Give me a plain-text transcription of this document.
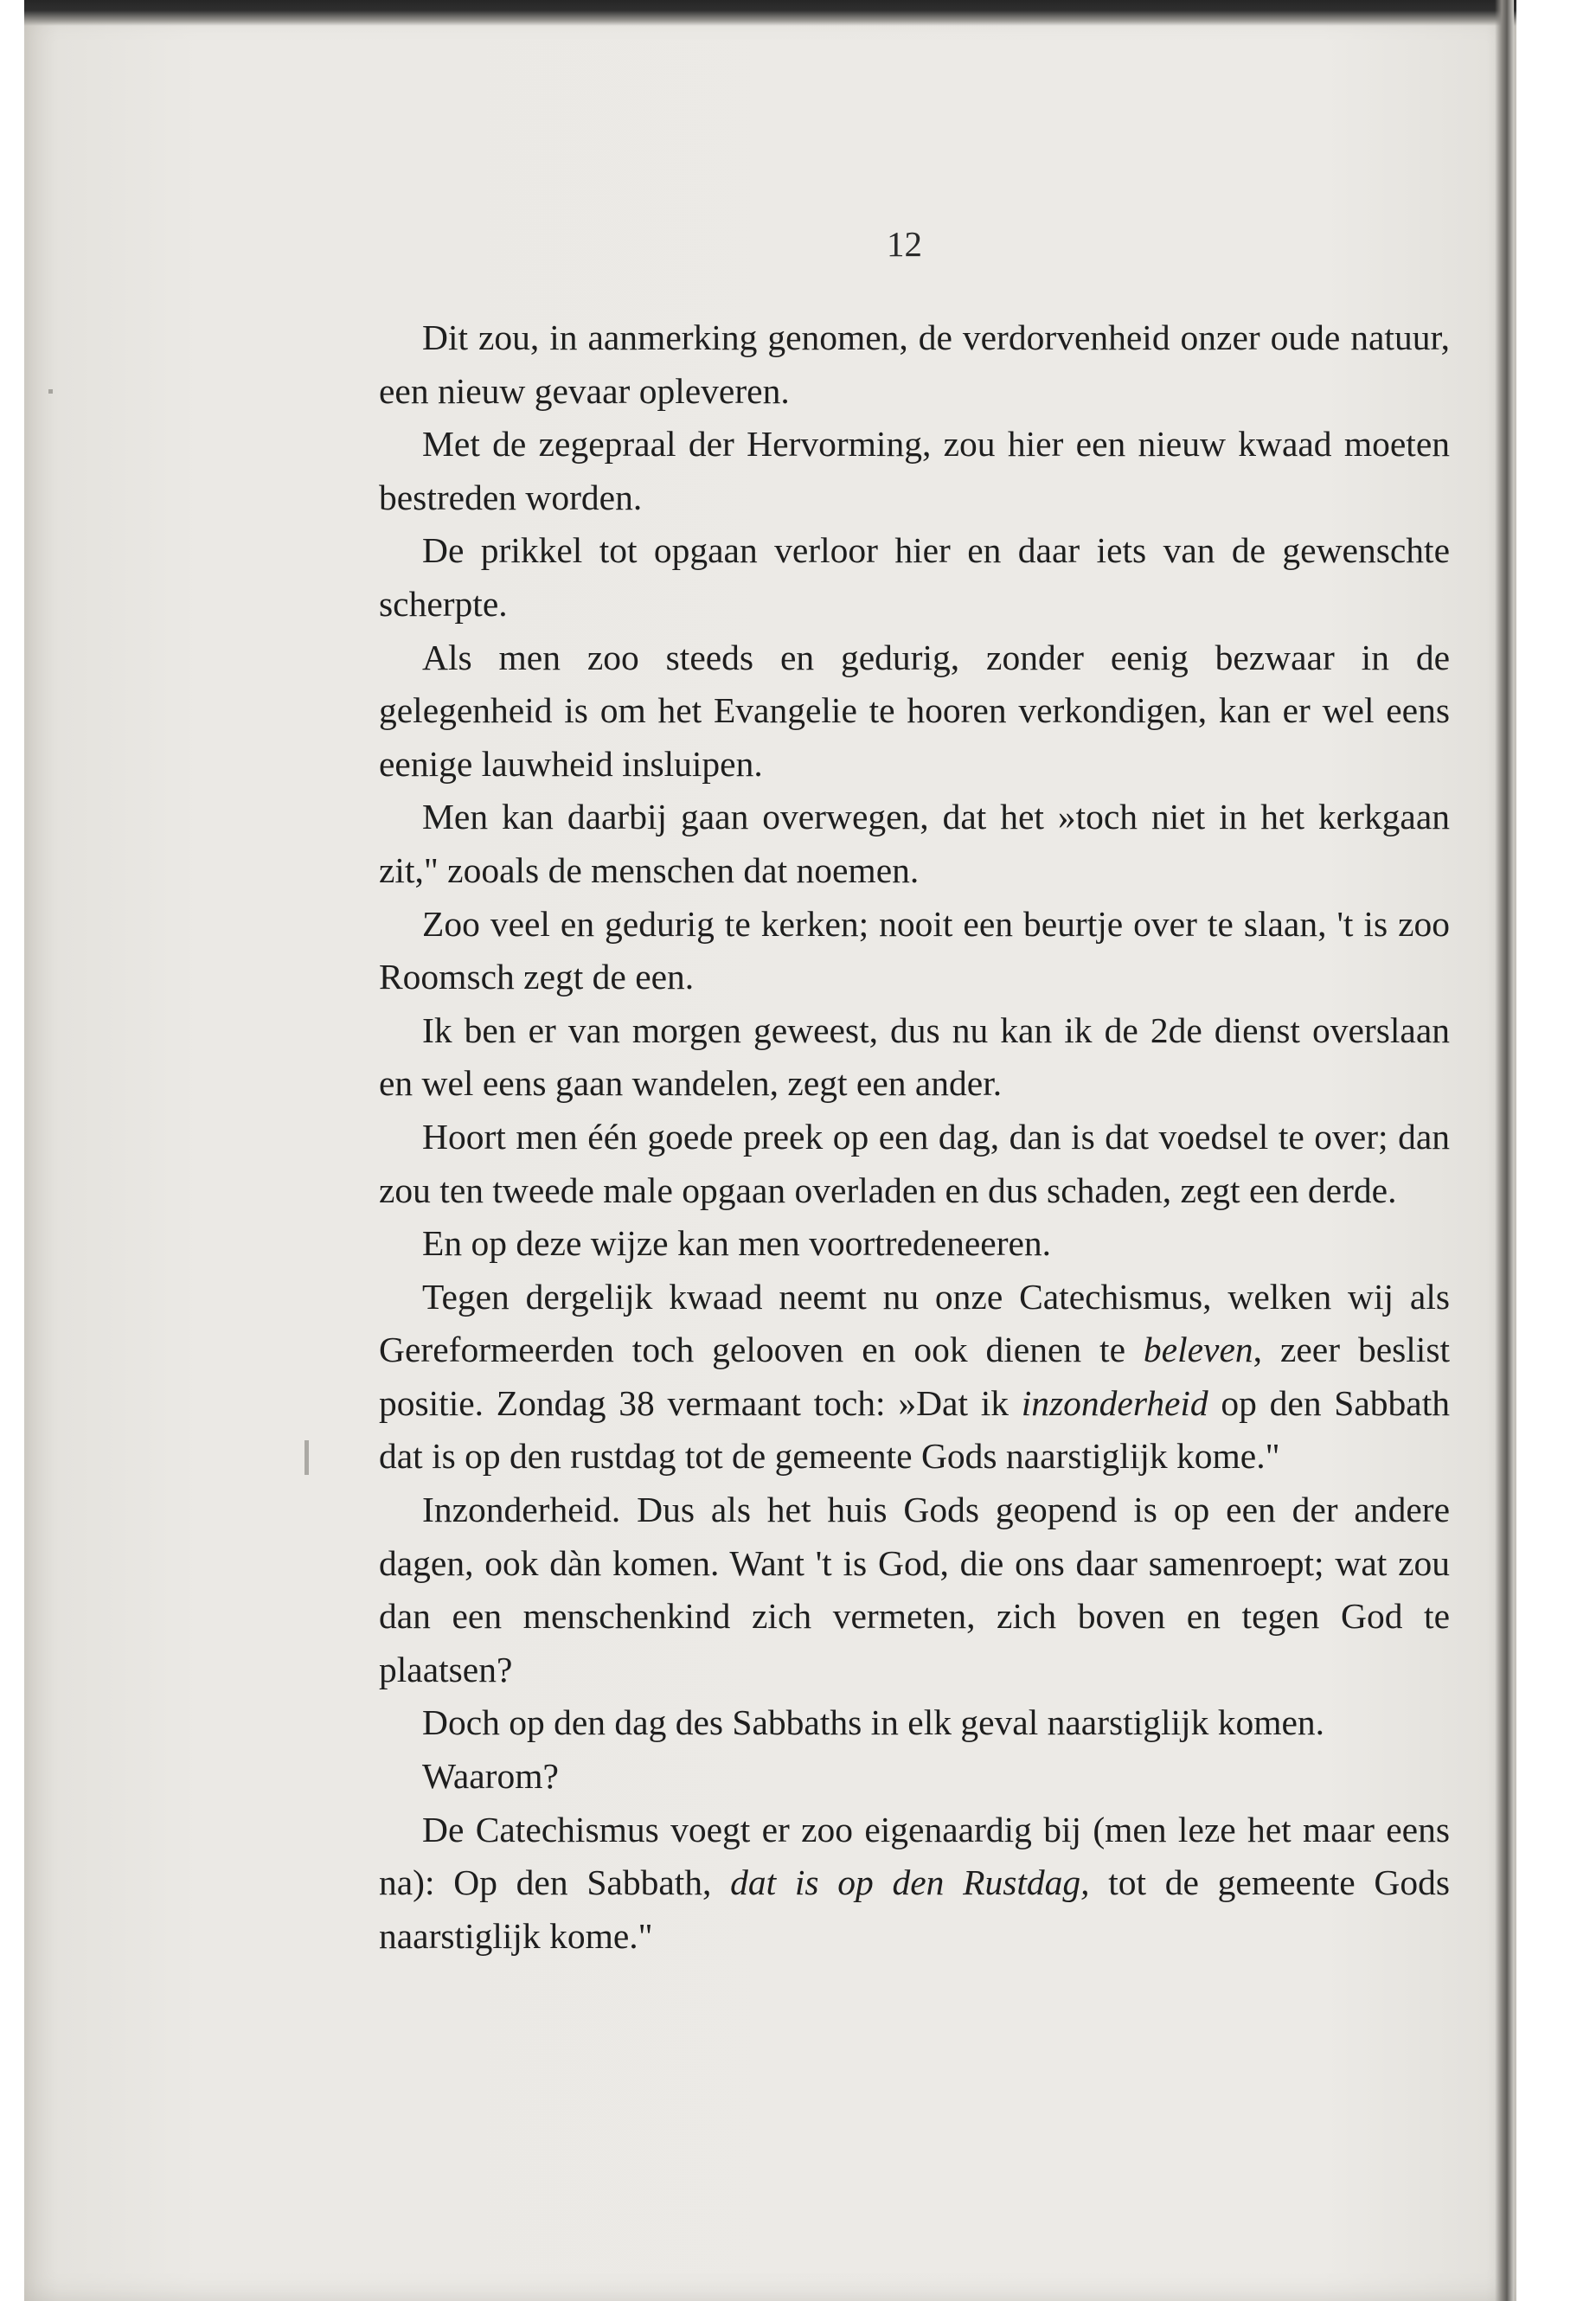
12

Dit zou, in aanmerking genomen, de verdorvenheid onzer oude natuur, een nieuw gevaar opleveren.

Met de zegepraal der Hervorming, zou hier een nieuw kwaad moeten bestreden worden.

De prikkel tot opgaan verloor hier en daar iets van de gewenschte scherpte.

Als men zoo steeds en gedurig, zonder eenig bezwaar in de gelegenheid is om het Evangelie te hooren verkondigen, kan er wel eens eenige lauwheid insluipen.

Men kan daarbij gaan overwegen, dat het »toch niet in het kerkgaan zit," zooals de menschen dat noemen.

Zoo veel en gedurig te kerken; nooit een beurtje over te slaan, 't is zoo Roomsch zegt de een.

Ik ben er van morgen geweest, dus nu kan ik de 2de dienst overslaan en wel eens gaan wandelen, zegt een ander.

Hoort men één goede preek op een dag, dan is dat voedsel te over; dan zou ten tweede male opgaan overladen en dus schaden, zegt een derde.

En op deze wijze kan men voortredeneeren.

Tegen dergelijk kwaad neemt nu onze Catechismus, welken wij als Gereformeerden toch gelooven en ook dienen te beleven, zeer beslist positie. Zondag 38 vermaant toch: »Dat ik inzonderheid op den Sabbath dat is op den rustdag tot de gemeente Gods naarstiglijk kome."

Inzonderheid. Dus als het huis Gods geopend is op een der andere dagen, ook dàn komen. Want 't is God, die ons daar samenroept; wat zou dan een menschenkind zich vermeten, zich boven en tegen God te plaatsen?

Doch op den dag des Sabbaths in elk geval naarstiglijk komen.

Waarom?

De Catechismus voegt er zoo eigenaardig bij (men leze het maar eens na): Op den Sabbath, dat is op den Rustdag, tot de gemeente Gods naarstiglijk kome."
